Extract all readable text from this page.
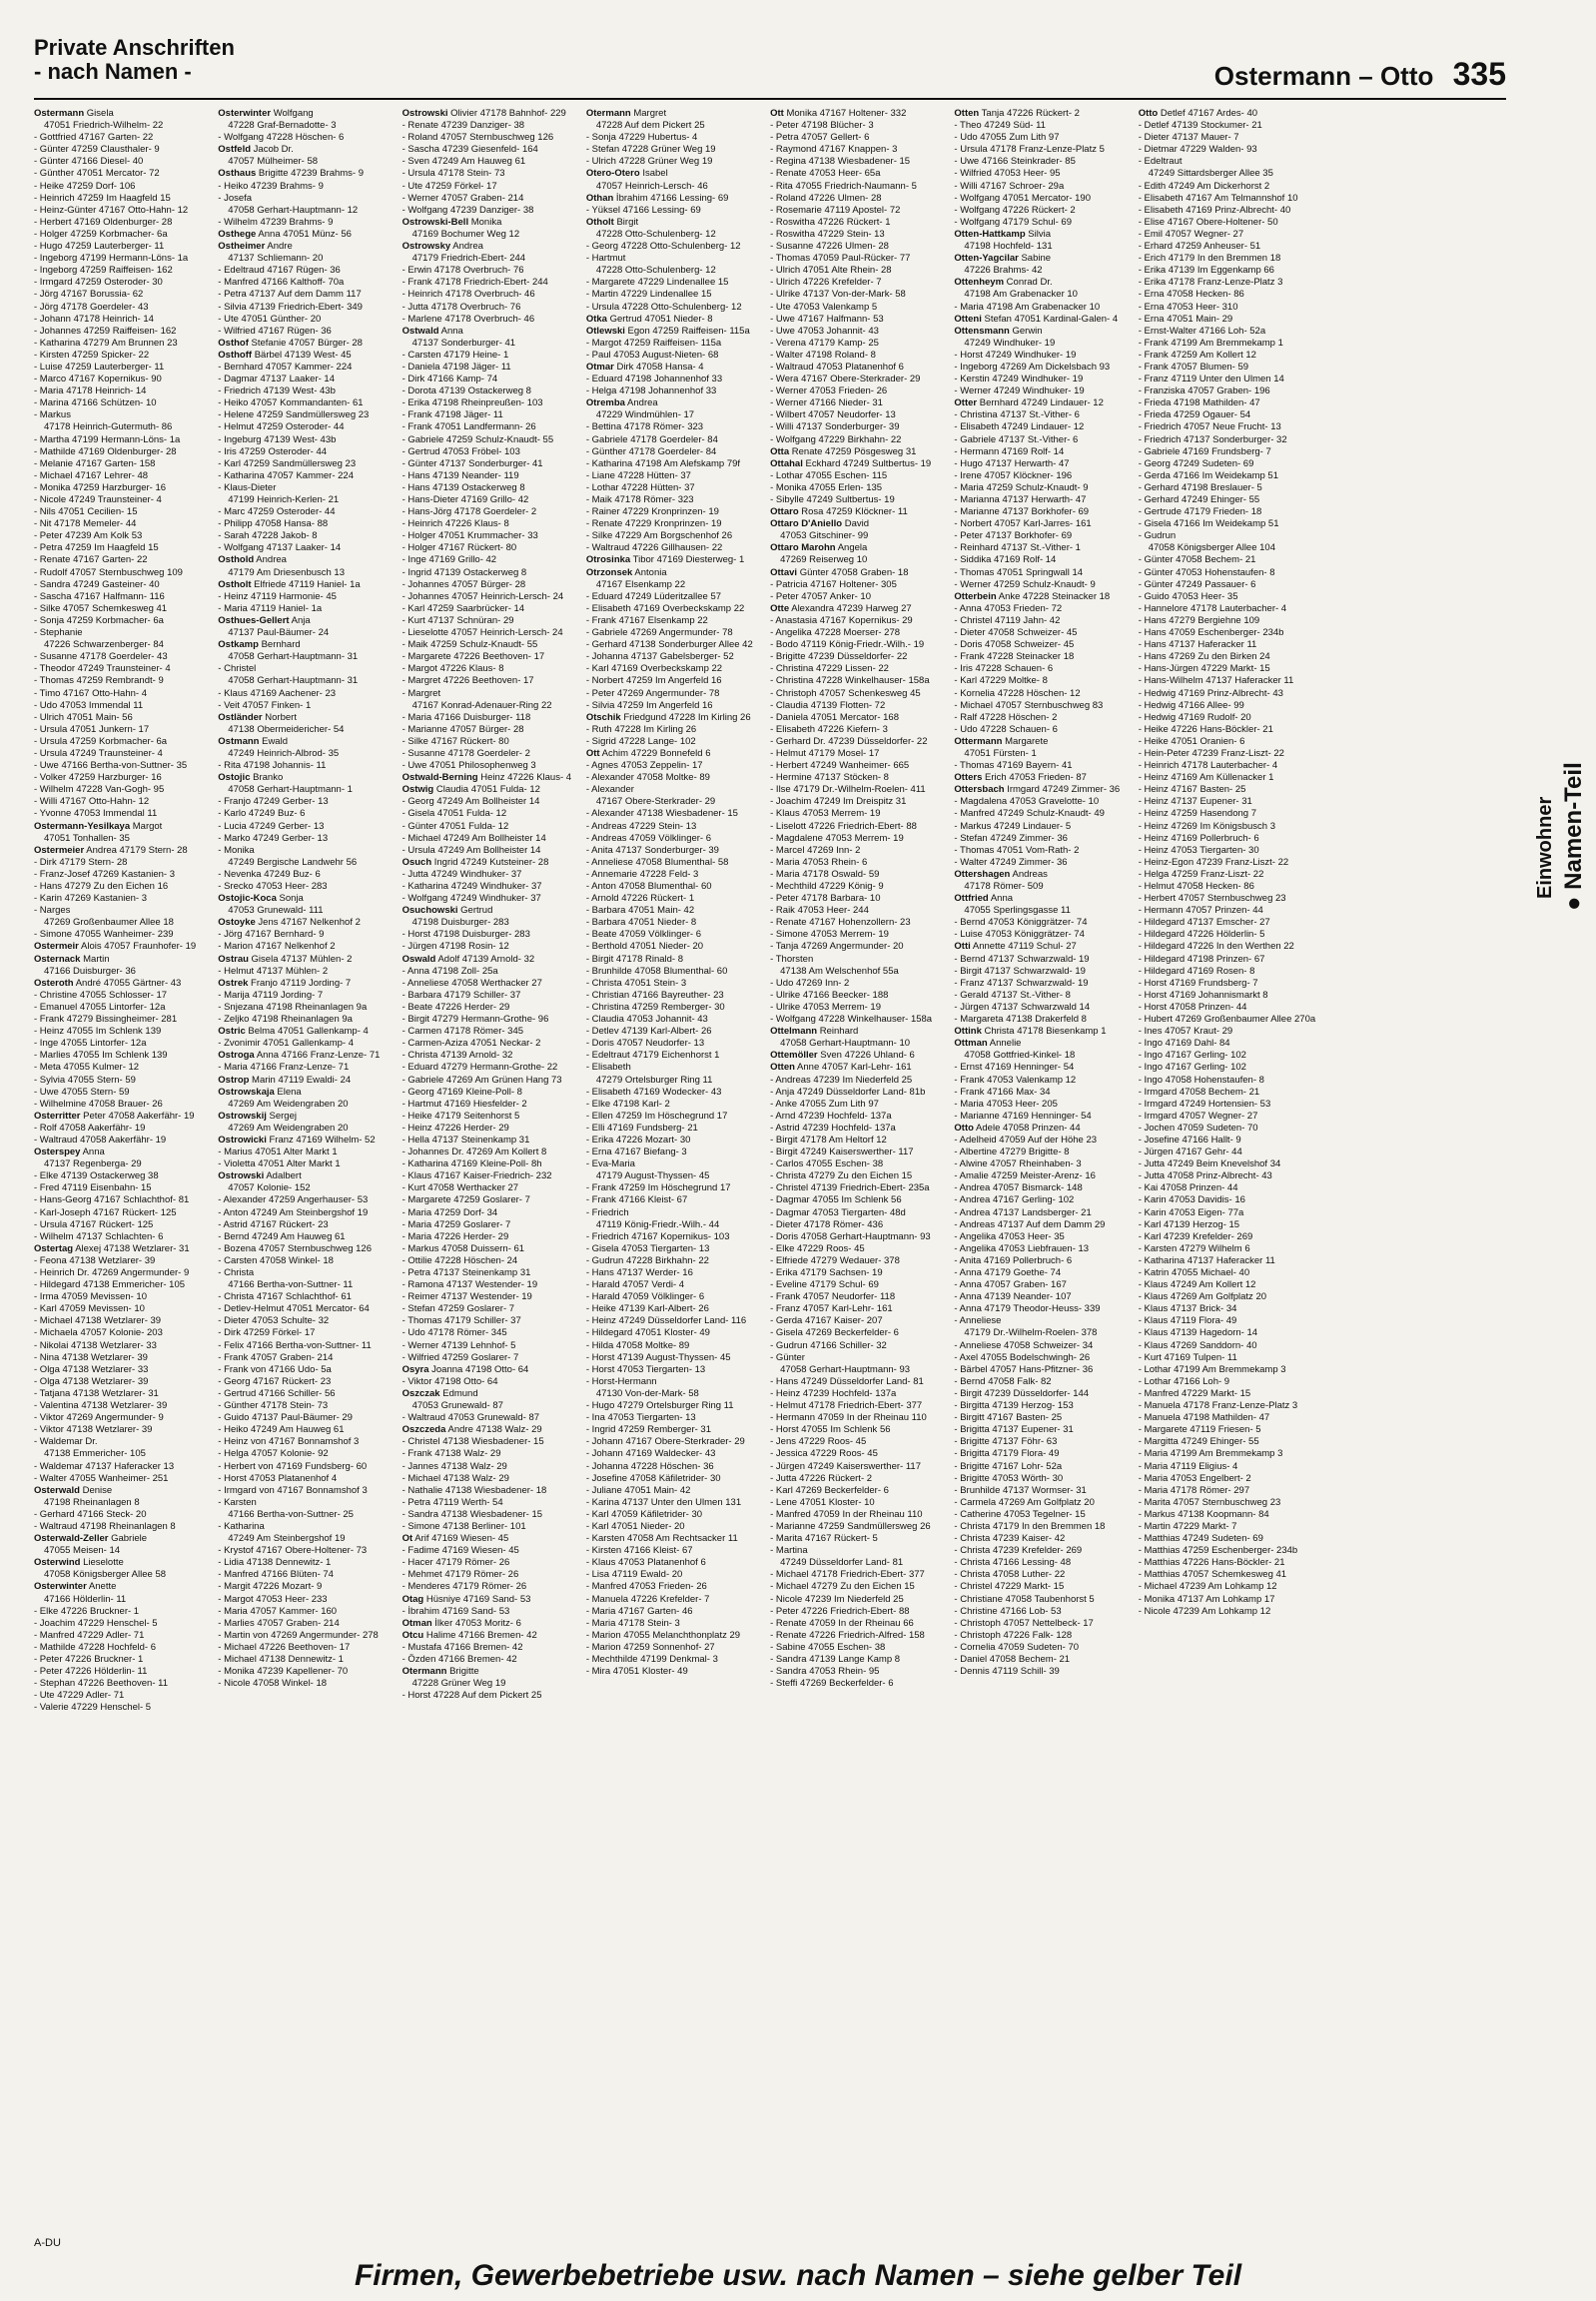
Private Anschriften
- nach Namen -	Ostermann – Otto 335
Ostermann Gisela
47051 Friedrich-Wilhelm- 22
- Gottfried 47167 Garten- 22
- Günter 47259 Clausthaler- 9
- Günter 47166 Diesel- 40
- Günther 47051 Mercator- 72
- Heike 47259 Dorf- 106
- Heinrich 47259 Im Haagfeld 15
- Heinz-Günter 47167 Otto-Hahn- 12
- Herbert 47169 Oldenburger- 28
- Holger 47259 Korbmacher- 6a
- Hugo 47259 Lauterberger- 11
- Ingeborg 47199 Hermann-Löns- 1a
- Ingeborg 47259 Raiffeisen- 162
- Irmgard 47259 Osteroder- 30
- Jörg 47167 Borussia- 62
- Jörg 47178 Goerdeler- 43
- Johann 47178 Heinrich- 14
- Johannes 47259 Raiffeisen- 162
- Katharina 47279 Am Brunnen 23
- Kirsten 47259 Spicker- 22
- Luise 47259 Lauterberger- 11
- Marco 47167 Kopernikus- 90
- Maria 47178 Heinrich- 14
- Marina 47166 Schützen- 10
- Markus
47178 Heinrich-Gutermuth- 86
- Martha 47199 Hermann-Löns- 1a
- Mathilde 47169 Oldenburger- 28
- Melanie 47167 Garten- 158
- Michael 47167 Lehrer- 48
- Monika 47259 Harzburger- 16
- Nicole 47249 Traunsteiner- 4
- Nils 47051 Cecilien- 15
- Nit 47178 Memeler- 44
- Peter 47239 Am Kolk 53
- Petra 47259 Im Haagfeld 15
- Renate 47167 Garten- 22
- Rudolf 47057 Sternbuschweg 109
- Sandra 47249 Gasteiner- 40
- Sascha 47167 Halfmann- 116
- Silke 47057 Schemkesweg 41
- Sonja 47259 Korbmacher- 6a
- Stephanie
47226 Schwarzenberger- 84
- Susanne 47178 Goerdeler- 43
- Theodor 47249 Traunsteiner- 4
- Thomas 47259 Rembrandt- 9
- Timo 47167 Otto-Hahn- 4
- Udo 47053 Immendal 11
- Ulrich 47051 Main- 56
- Ursula 47051 Junkern- 17
- Ursula 47259 Korbmacher- 6a
- Ursula 47249 Traunsteiner- 4
- Uwe 47166 Bertha-von-Suttner- 35
- Volker 47259 Harzburger- 16
- Wilhelm 47228 Van-Gogh- 95
- Willi 47167 Otto-Hahn- 12
- Yvonne 47053 Immendal 11
Ostermann-Yesilkaya Margot
47051 Tonhallen- 35
Ostermeier Andrea 47179 Stern- 28
- Dirk 47179 Stern- 28
- Franz-Josef 47269 Kastanien- 3
- Hans 47279 Zu den Eichen 16
- Karin 47269 Kastanien- 3
- Narges
47269 Großenbaumer Allee 18
- Simone 47055 Wanheimer- 239
Ostermeir Alois 47057 Fraunhofer- 19
Osternack Martin
47166 Duisburger- 36
Osteroth André 47055 Gärtner- 43
- Christine 47055 Schlosser- 17
- Emanuel 47055 Lintorfer- 12a
- Frank 47279 Bissingheimer- 281
- Heinz 47055 Im Schlenk 139
- Inge 47055 Lintorfer- 12a
- Marlies 47055 Im Schlenk 139
- Meta 47055 Kulmer- 12
- Sylvia 47055 Stern- 59
- Uwe 47055 Stern- 59
- Wilhelmine 47058 Brauer- 26
Osterritter Peter 47058 Aakerfähr- 19
- Rolf 47058 Aakerfähr- 19
- Waltraud 47058 Aakerfähr- 19
Osterspey Anna
47137 Regenberga- 29
- Elke 47139 Ostackerweg 38
- Fred 47119 Eisenbahn- 15
- Hans-Georg 47167 Schlachthof- 81
- Karl-Joseph 47167 Rückert- 125
- Ursula 47167 Rückert- 125
- Wilhelm 47137 Schlachten- 6
Ostertag Alexej 47138 Wetzlarer- 31
- Feona 47138 Wetzlarer- 39
- Heinrich Dr. 47269 Angermunder- 9
- Hildegard 47138 Emmericher- 105
- Irma 47059 Mevissen- 10
- Karl 47059 Mevissen- 10
- Michael 47138 Wetzlarer- 39
- Michaela 47057 Kolonie- 203
- Nikolai 47138 Wetzlarer- 33
- Nina 47138 Wetzlarer- 39
- Olga 47138 Wetzlarer- 33
- Olga 47138 Wetzlarer- 39
- Tatjana 47138 Wetzlarer- 31
- Valentina 47138 Wetzlarer- 39
- Viktor 47269 Angermunder- 9
- Viktor 47138 Wetzlarer- 39
- Waldemar Dr.
47138 Emmericher- 105
- Waldemar 47137 Haferacker 13
- Walter 47055 Wanheimer- 251
Osterwald Denise
47198 Rheinanlagen 8
- Gerhard 47166 Steck- 20
- Waltraud 47198 Rheinanlagen 8
Osterwald-Zeller Gabriele
47055 Meisen- 14
Osterwind Lieselotte
47058 Königsberger Allee 58
Osterwinter Anette
47166 Hölderlin- 11
- Elke 47226 Bruckner- 1
- Joachim 47229 Henschel- 5
- Manfred 47229 Adler- 71
- Mathilde 47228 Hochfeld- 6
- Peter 47226 Bruckner- 1
- Peter 47226 Hölderlin- 11
- Stephan 47226 Beethoven- 11
- Ute 47229 Adler- 71
- Valerie 47229 Henschel- 5
Osterwinter Wolfgang
47228 Graf-Bernadotte- 3
- Wolfgang 47228 Höschen- 6
Ostfeld Jacob Dr.
47057 Mülheimer- 58
Osthaus Brigitte 47239 Brahms- 9
- Heiko 47239 Brahms- 9
- Josefa
47058 Gerhart-Hauptmann- 12
- Wilhelm 47239 Brahms- 9
Osthege Anna 47051 Münz- 56
Ostheimer Andre
47137 Schliemann- 20
- Edeltraud 47167 Rügen- 36
- Manfred 47166 Kalthoff- 70a
- Petra 47137 Auf dem Damm 117
- Silvia 47139 Friedrich-Ebert- 349
- Ute 47051 Günther- 20
- Wilfried 47167 Rügen- 36
Osthof Stefanie 47057 Bürger- 28
Osthoff Bärbel 47139 West- 45
- Bernhard 47057 Kammer- 224
- Dagmar 47137 Laaker- 14
- Friedrich 47139 West- 43b
- Heiko 47057 Kommandanten- 61
- Helene 47259 Sandmüllersweg 23
- Helmut 47259 Osteroder- 44
- Ingeburg 47139 West- 43b
- Iris 47259 Osteroder- 44
- Karl 47259 Sandmüllersweg 23
- Katharina 47057 Kammer- 224
- Klaus-Dieter
47199 Heinrich-Kerlen- 21
- Marc 47259 Osteroder- 44
- Philipp 47058 Hansa- 88
- Sarah 47228 Jakob- 8
- Wolfgang 47137 Laaker- 14
Osthold Andrea
47179 Am Driesenbusch 13
Ostholt Elfriede 47119 Haniel- 1a
- Heinz 47119 Harmonie- 45
- Maria 47119 Haniel- 1a
Osthues-Gellert Anja
47137 Paul-Bäumer- 24
Ostkamp Bernhard
47058 Gerhart-Hauptmann- 31
- Christel
47058 Gerhart-Hauptmann- 31
- Klaus 47169 Aachener- 23
- Veit 47057 Finken- 1
Ostländer Norbert
47138 Obermeidericher- 54
Ostmann Ewald
47249 Heinrich-Albrod- 35
- Rita 47198 Johannis- 11
Ostojic Branko
47058 Gerhart-Hauptmann- 1
- Franjo 47249 Gerber- 13
- Karlo 47249 Buz- 6
- Lucia 47249 Gerber- 13
- Marko 47249 Gerber- 13
- Monika
47249 Bergische Landwehr 56
- Nevenka 47249 Buz- 6
- Srecko 47053 Heer- 283
Ostojic-Koca Sonja
47053 Grunewald- 111
Ostoyke Jens 47167 Nelkenhof 2
- Jörg 47167 Bernhard- 9
- Marion 47167 Nelkenhof 2
Ostrau Gisela 47137 Mühlen- 2
- Helmut 47137 Mühlen- 2
Ostrek Franjo 47119 Jording- 7
- Marija 47119 Jording- 7
- Snjezana 47198 Rheinanlagen 9a
- Zeljko 47198 Rheinanlagen 9a
Ostric Belma 47051 Gallenkamp- 4
- Zvonimir 47051 Gallenkamp- 4
Ostroga Anna 47166 Franz-Lenze- 71
- Maria 47166 Franz-Lenze- 71
Ostrop Marin 47119 Ewaldi- 24
Ostrowskaja Elena
47269 Am Weidengraben 20
Ostrowskij Sergej
47269 Am Weidengraben 20
Ostrowicki Franz 47169 Wilhelm- 52
- Marius 47051 Alter Markt 1
- Violetta 47051 Alter Markt 1
Ostrowski Adalbert
47057 Kolonie- 152
- Alexander 47259 Angerhauser- 53
- Anton 47249 Am Steinbergshof 19
- Astrid 47167 Rückert- 23
- Bernd 47249 Am Hauweg 61
- Bozena 47057 Sternbuschweg 126
- Carsten 47058 Winkel- 18
- Christa
47166 Bertha-von-Suttner- 11
- Christa 47167 Schlachthof- 61
- Detlev-Helmut 47051 Mercator- 64
- Dieter 47053 Schulte- 32
- Dirk 47259 Förkel- 17
- Felix 47166 Bertha-von-Suttner- 11
- Frank 47057 Graben- 214
- Frank von 47166 Udo- 5a
- Georg 47167 Rückert- 23
- Gertrud 47166 Schiller- 56
- Günther 47178 Stein- 73
- Guido 47137 Paul-Bäumer- 29
- Heiko 47249 Am Hauweg 61
- Heinz von 47167 Bonnamshof 3
- Helga 47057 Kolonie- 92
- Herbert von 47169 Fundsberg- 60
- Horst 47053 Platanenhof 4
- Irmgard von 47167 Bonnamshof 3
- Karsten
47166 Bertha-von-Suttner- 25
- Katharina
47249 Am Steinbergshof 19
- Krystof 47167 Obere-Holtener- 73
- Lidia 47138 Dennewitz- 1
- Manfred 47166 Blüten- 74
- Margit 47226 Mozart- 9
- Margot 47053 Heer- 233
- Maria 47057 Kammer- 160
- Marlies 47057 Graben- 214
- Martin von 47269 Angermunder- 278
- Michael 47226 Beethoven- 17
- Michael 47138 Dennewitz- 1
- Monika 47239 Kapellener- 70
- Nicole 47058 Winkel- 18
Ostrowski Olivier 47178 Bahnhof- 229
- Renate 47239 Danziger- 38
- Roland 47057 Sternbuschweg 126
- Sascha 47239 Giesenfeld- 164
- Sven 47249 Am Hauweg 61
- Ursula 47178 Stein- 73
- Ute 47259 Förkel- 17
- Werner 47057 Graben- 214
- Wolfgang 47239 Danziger- 38
Ostrowski-Bell Monika
47169 Bochumer Weg 12
Ostrowsky Andrea
47179 Friedrich-Ebert- 244
- Erwin 47178 Overbruch- 76
- Frank 47178 Friedrich-Ebert- 244
- Heinrich 47178 Overbruch- 46
- Jutta 47178 Overbruch- 76
- Marlene 47178 Overbruch- 46
Ostwald Anna
47137 Sonderburger- 41
- Carsten 47179 Heine- 1
- Daniela 47198 Jäger- 11
- Dirk 47166 Kamp- 74
- Dorota 47139 Ostackerweg 8
- Erika 47198 Rheinpreußen- 103
- Frank 47198 Jäger- 11
- Frank 47051 Landfermann- 26
- Gabriele 47259 Schulz-Knaudt- 55
- Gertrud 47053 Fröbel- 103
- Günter 47137 Sonderburger- 41
- Hans 47139 Neander- 119
- Hans 47139 Ostackerweg 8
- Hans-Dieter 47169 Grillo- 42
- Hans-Jörg 47178 Goerdeler- 2
- Heinrich 47226 Klaus- 8
- Holger 47051 Krummacher- 33
- Holger 47167 Rückert- 80
- Inge 47169 Grillo- 42
- Ingrid 47139 Ostackerweg 8
- Johannes 47057 Bürger- 28
- Johannes 47057 Heinrich-Lersch- 24
- Karl 47259 Saarbrücker- 14
- Kurt 47137 Schnüran- 29
- Lieselotte 47057 Heinrich-Lersch- 24
- Maik 47259 Schulz-Knaudt- 55
- Margarete 47226 Beethoven- 17
- Margot 47226 Klaus- 8
- Margret 47226 Beethoven- 17
- Margret
47167 Konrad-Adenauer-Ring 22
- Maria 47166 Duisburger- 118
- Marianne 47057 Bürger- 28
- Silke 47167 Rückert- 80
- Susanne 47178 Goerdeler- 2
- Uwe 47051 Philosophenweg 3
Ostwald-Berning Heinz 47226 Klaus- 4
Ostwig Claudia 47051 Fulda- 12
- Georg 47249 Am Bollheister 14
- Gisela 47051 Fulda- 12
- Günter 47051 Fulda- 12
- Michael 47249 Am Bollheister 14
- Ursula 47249 Am Bollheister 14
Osuch Ingrid 47249 Kutsteiner- 28
- Jutta 47249 Windhuker- 37
- Katharina 47249 Windhuker- 37
- Wolfgang 47249 Windhuker- 37
Osuchowski Gertrud
47198 Duisburger- 283
- Horst 47198 Duisburger- 283
- Jürgen 47198 Rosin- 12
Oswald Adolf 47139 Arnold- 32
- Anna 47198 Zoll- 25a
- Anneliese 47058 Werthacker 27
- Barbara 47179 Schiller- 37
- Beate 47226 Herder- 29
- Birgit 47279 Hermann-Grothe- 96
- Carmen 47178 Römer- 345
- Carmen-Aziza 47051 Neckar- 2
- Christa 47139 Arnold- 32
- Eduard 47279 Hermann-Grothe- 22
- Gabriele 47269 Am Grünen Hang 73
- Georg 47169 Kleine-Poll- 8
- Hartmut 47169 Hiesfelder- 2
- Heike 47179 Seitenhorst 5
- Heinz 47226 Herder- 29
- Hella 47137 Steinenkamp 31
- Johannes Dr. 47269 Am Kollert 8
- Katharina 47169 Kleine-Poll- 8h
- Klaus 47167 Kaiser-Friedrich- 232
- Kurt 47058 Werthacker 27
- Margarete 47259 Goslarer- 7
- Maria 47259 Dorf- 34
- Maria 47259 Goslarer- 7
- Maria 47226 Herder- 29
- Markus 47058 Duissern- 61
- Ottilie 47228 Höschen- 24
- Petra 47137 Steinenkamp 31
- Ramona 47137 Westender- 19
- Reimer 47137 Westender- 19
- Stefan 47259 Goslarer- 7
- Thomas 47179 Schiller- 37
- Udo 47178 Römer- 345
- Werner 47139 Lehnhof- 5
- Wilfried 47259 Goslarer- 7
Osyra Joanna 47198 Otto- 64
- Viktor 47198 Otto- 64
Oszczak Edmund
47053 Grunewald- 87
- Waltraud 47053 Grunewald- 87
Oszczeda Andre 47138 Walz- 29
- Christel 47138 Wiesbadener- 15
- Frank 47138 Walz- 29
- Jannes 47138 Walz- 29
- Michael 47138 Walz- 29
- Nathalie 47138 Wiesbadener- 18
- Petra 47119 Werth- 54
- Sandra 47138 Wiesbadener- 15
- Simone 47138 Berliner- 101
Ot Arif 47169 Wiesen- 45
- Fadime 47169 Wiesen- 45
- Hacer 47179 Römer- 26
- Mehmet 47179 Römer- 26
- Menderes 47179 Römer- 26
Otag Hüsniye 47169 Sand- 53
- İbrahim 47169 Sand- 53
Otman İlker 47053 Moritz- 6
Otcu Halime 47166 Bremen- 42
- Mustafa 47166 Bremen- 42
- Özden 47166 Bremen- 42
Otermann Brigitte
47228 Grüner Weg 19
- Horst 47228 Auf dem Pickert 25
Otermann Margret
47228 Auf dem Pickert 25
- Sonja 47229 Hubertus- 4
- Stefan 47228 Grüner Weg 19
- Ulrich 47228 Grüner Weg 19
Otero-Otero Isabel
47057 Heinrich-Lersch- 46
Othan İbrahim 47166 Lessing- 69
- Yüksel 47166 Lessing- 69
Otholt Birgit
47228 Otto-Schulenberg- 12
- Georg 47228 Otto-Schulenberg- 12
- Hartmut
47228 Otto-Schulenberg- 12
- Margarete 47229 Lindenallee 15
- Martin 47229 Lindenallee 15
- Ursula 47228 Otto-Schulenberg- 12
Otka Gertrud 47051 Nieder- 8
Otlewski Egon 47259 Raiffeisen- 115a
- Margot 47259 Raiffeisen- 115a
- Paul 47053 August-Nieten- 68
Otmar Dirk 47058 Hansa- 4
- Eduard 47198 Johannenhof 33
- Helga 47198 Johannenhof 33
Otremba Andrea
47229 Windmühlen- 17
- Bettina 47178 Römer- 323
- Gabriele 47178 Goerdeler- 84
- Günther 47178 Goerdeler- 84
- Katharina 47198 Am Alefskamp 79f
- Liane 47228 Hütten- 37
- Lothar 47228 Hütten- 37
- Maik 47178 Römer- 323
- Rainer 47229 Kronprinzen- 19
- Renate 47229 Kronprinzen- 19
- Silke 47229 Am Borgschenhof 26
- Waltraud 47226 Gillhausen- 22
Otrosinka Tibor 47169 Diesterweg- 1
Otrzonsek Antonia
47167 Elsenkamp 22
- Eduard 47249 Lüderitzallee 57
- Elisabeth 47169 Overbeckskamp 22
- Frank 47167 Elsenkamp 22
- Gabriele 47269 Angermunder- 78
- Gerhard 47138 Sonderburger Allee 42
- Johanna 47137 Gabelsberger- 52
- Karl 47169 Overbeckskamp 22
- Norbert 47259 Im Angerfeld 16
- Peter 47269 Angermunder- 78
- Silvia 47259 Im Angerfeld 16
Otschik Friedgund 47228 Im Kirling 26
- Ruth 47228 Im Kirling 26
- Sigrid 47228 Lange- 102
Ott Achim 47229 Bonnefeld 6
- Agnes 47053 Zeppelin- 17
- Alexander 47058 Moltke- 89
- Alexander
47167 Obere-Sterkrader- 29
- Alexander 47138 Wiesbadener- 15
- Andreas 47229 Stein- 13
- Andreas 47059 Völklinger- 6
- Anita 47137 Sonderburger- 39
- Anneliese 47058 Blumenthal- 58
- Annemarie 47228 Feld- 3
- Anton 47058 Blumenthal- 60
- Arnold 47226 Rückert- 1
- Barbara 47051 Main- 42
- Barbara 47051 Nieder- 8
- Beate 47059 Völklinger- 6
- Berthold 47051 Nieder- 20
- Birgit 47178 Rinald- 8
- Brunhilde 47058 Blumenthal- 60
- Christa 47051 Stein- 3
- Christian 47166 Bayreuther- 23
- Christina 47259 Remberger- 30
- Claudia 47053 Johannit- 43
- Detlev 47139 Karl-Albert- 26
- Doris 47057 Neudorfer- 13
- Edeltraut 47179 Eichenhorst 1
- Elisabeth
47279 Ortelsburger Ring 11
- Elisabeth 47169 Wodecker- 43
- Elke 47198 Karl- 2
- Ellen 47259 Im Höschegrund 17
- Elli 47169 Fundsberg- 21
- Erika 47226 Mozart- 30
- Erna 47167 Biefang- 3
- Eva-Maria
47179 August-Thyssen- 45
- Frank 47259 Im Höschegrund 17
- Frank 47166 Kleist- 67
- Friedrich
47119 König-Friedr.-Wilh.- 44
- Friedrich 47167 Kopernikus- 103
- Gisela 47053 Tiergarten- 13
- Gudrun 47228 Birkhahn- 22
- Hans 47137 Werder- 16
- Harald 47057 Verdi- 4
- Harald 47059 Völklinger- 6
- Heike 47139 Karl-Albert- 26
- Heinz 47249 Düsseldorfer Land- 116
- Hildegard 47051 Kloster- 49
- Hilda 47058 Moltke- 89
- Horst 47139 August-Thyssen- 45
- Horst 47053 Tiergarten- 13
- Horst-Hermann
47130 Von-der-Mark- 58
- Hugo 47279 Ortelsburger Ring 11
- Ina 47053 Tiergarten- 13
- Ingrid 47259 Remberger- 31
- Johann 47167 Obere-Sterkrader- 29
- Johann 47169 Waldecker- 43
- Johanna 47228 Höschen- 36
- Josefine 47058 Käfiletrider- 30
- Juliane 47051 Main- 42
- Karina 47137 Unter den Ulmen 131
- Karl 47059 Käfiletrider- 30
- Karl 47051 Nieder- 20
- Karsten 47058 Am Rechtsacker 11
- Kirsten 47166 Kleist- 67
- Klaus 47053 Platanenhof 6
- Lisa 47119 Ewald- 20
- Manfred 47053 Frieden- 26
- Manuela 47226 Krefelder- 7
- Maria 47167 Garten- 46
- Maria 47178 Stein- 3
- Marion 47055 Melanchthonplatz 29
- Marion 47259 Sonnenhof- 27
- Mechthilde 47199 Denkmal- 3
- Mira 47051 Kloster- 49
Ott Monika 47167 Holtener- 332
- Peter 47198 Blücher- 3
- Petra 47057 Gellert- 6
- Raymond 47167 Knappen- 3
- Regina 47138 Wiesbadener- 15
- Renate 47053 Heer- 65a
- Rita 47055 Friedrich-Naumann- 5
- Roland 47226 Ulmen- 28
- Rosemarie 47119 Apostel- 72
- Roswitha 47226 Rückert- 1
- Roswitha 47229 Stein- 13
- Susanne 47226 Ulmen- 28
- Thomas 47059 Paul-Rücker- 77
- Ulrich 47051 Alte Rhein- 28
- Ulrich 47226 Krefelder- 7
- Ulrike 47137 Von-der-Mark- 58
- Ute 47053 Valenkamp 5
- Uwe 47167 Halfmann- 53
- Uwe 47053 Johannit- 43
- Verena 47179 Kamp- 25
- Walter 47198 Roland- 8
- Waltraud 47053 Platanenhof 6
- Wera 47167 Obere-Sterkrader- 29
- Werner 47053 Frieden- 26
- Werner 47166 Nieder- 31
- Wilbert 47057 Neudorfer- 13
- Willi 47137 Sonderburger- 39
- Wolfgang 47229 Birkhahn- 22
Otta Renate 47259 Pösgesweg 31
Ottahal Eckhard 47249 Sultbertus- 19
- Lothar 47055 Eschen- 115
- Monika 47055 Erlen- 135
- Sibylle 47249 Sultbertus- 19
Ottaro Rosa 47259 Klöckner- 11
Ottaro D'Aniello David
47053 Gitschiner- 99
Ottaro Marohn Angela
47269 Reiserweg 10
Ottavi Günter 47058 Graben- 18
- Patricia 47167 Holtener- 305
- Peter 47057 Anker- 10
Otte Alexandra 47239 Harweg 27
- Anastasia 47167 Kopernikus- 29
- Angelika 47228 Moerser- 278
- Bodo 47119 König-Friedr.-Wilh.- 19
- Brigitte 47239 Düsseldorfer- 22
- Christina 47229 Lissen- 22
- Christina 47228 Winkelhauser- 158a
- Christoph 47057 Schenkesweg 45
- Claudia 47139 Flotten- 72
- Daniela 47051 Mercator- 168
- Elisabeth 47226 Kiefern- 3
- Gerhard Dr. 47239 Düsseldorfer- 22
- Helmut 47179 Mosel- 17
- Herbert 47249 Wanheimer- 665
- Hermine 47137 Stöcken- 8
- Ilse 47179 Dr.-Wilhelm-Roelen- 411
- Joachim 47249 Im Dreispitz 31
- Klaus 47053 Merrem- 19
- Liselott 47226 Friedrich-Ebert- 88
- Magdalene 47053 Merrem- 19
- Marcel 47269 Inn- 2
- Maria 47053 Rhein- 6
- Maria 47178 Oswald- 59
- Mechthild 47229 König- 9
- Peter 47178 Barbara- 10
- Raik 47053 Heer- 244
- Renate 47167 Hohenzollern- 23
- Simone 47053 Merrem- 19
- Tanja 47269 Angermunder- 20
- Thorsten
47138 Am Welschenhof 55a
- Udo 47269 Inn- 2
- Ulrike 47166 Beecker- 188
- Ulrike 47053 Merrem- 19
- Wolfgang 47228 Winkelhauser- 158a
Ottelmann Reinhard
47058 Gerhart-Hauptmann- 10
Ottemöller Sven 47226 Uhland- 6
Otten Anne 47057 Karl-Lehr- 161
- Andreas 47239 Im Niederfeld 25
- Anja 47249 Düsseldorfer Land- 81b
- Anke 47055 Zum Lith 97
- Arnd 47239 Hochfeld- 137a
- Astrid 47239 Hochfeld- 137a
- Birgit 47178 Am Heltorf 12
- Birgit 47249 Kaiserswerther- 117
- Carlos 47055 Eschen- 38
- Christa 47279 Zu den Eichen 15
- Christel 47139 Friedrich-Ebert- 235a
- Dagmar 47055 Im Schlenk 56
- Dagmar 47053 Tiergarten- 48d
- Dieter 47178 Römer- 436
- Doris 47058 Gerhart-Hauptmann- 93
- Elke 47229 Roos- 45
- Elfriede 47279 Wedauer- 378
- Erika 47179 Sachsen- 19
- Eveline 47179 Schul- 69
- Frank 47057 Neudorfer- 118
- Franz 47057 Karl-Lehr- 161
- Gerda 47167 Kaiser- 207
- Gisela 47269 Beckerfelder- 6
- Gudrun 47166 Schiller- 32
- Günter
47058 Gerhart-Hauptmann- 93
- Hans 47249 Düsseldorfer Land- 81
- Heinz 47239 Hochfeld- 137a
- Helmut 47178 Friedrich-Ebert- 377
- Hermann 47059 In der Rheinau 110
- Horst 47055 Im Schlenk 56
- Jens 47229 Roos- 45
- Jessica 47229 Roos- 45
- Jürgen 47249 Kaiserswerther- 117
- Jutta 47226 Rückert- 2
- Karl 47269 Beckerfelder- 6
- Lene 47051 Kloster- 10
- Manfred 47059 In der Rheinau 110
- Marianne 47259 Sandmüllersweg 26
- Marita 47167 Rückert- 5
- Martina
47249 Düsseldorfer Land- 81
- Michael 47178 Friedrich-Ebert- 377
- Michael 47279 Zu den Eichen 15
- Nicole 47239 Im Niederfeld 25
- Peter 47226 Friedrich-Ebert- 88
- Renate 47059 In der Rheinau 66
- Renate 47226 Friedrich-Alfred- 158
- Sabine 47055 Eschen- 38
- Sandra 47139 Lange Kamp 8
- Sandra 47053 Rhein- 95
- Steffi 47269 Beckerfelder- 6
Otten Tanja 47226 Rückert- 2
- Theo 47249 Süd- 11
- Udo 47055 Zum Lith 97
- Ursula 47178 Franz-Lenze-Platz 5
- Uwe 47166 Steinkrader- 85
- Wilfried 47053 Heer- 95
- Willi 47167 Schroer- 29a
- Wolfgang 47051 Mercator- 190
- Wolfgang 47226 Rückert- 2
- Wolfgang 47179 Schul- 69
Otten-Hattkamp Silvia
47198 Hochfeld- 131
Otten-Yagcilar Sabine
47226 Brahms- 42
Ottenheym Conrad Dr.
47198 Am Grabenacker 10
- Maria 47198 Am Grabenacker 10
Otteni Stefan 47051 Kardinal-Galen- 4
Ottensmann Gerwin
47249 Windhuker- 19
- Horst 47249 Windhuker- 19
- Ingeborg 47269 Am Dickelsbach 93
- Kerstin 47249 Windhuker- 19
- Werner 47249 Windhuker- 19
Otter Bernhard 47249 Lindauer- 12
- Christina 47137 St.-Vither- 6
- Elisabeth 47249 Lindauer- 12
- Gabriele 47137 St.-Vither- 6
- Hermann 47169 Rolf- 14
- Hugo 47137 Herwarth- 47
- Irene 47057 Klöckner- 196
- Maria 47259 Schulz-Knaudt- 9
- Marianna 47137 Herwarth- 47
- Marianne 47137 Borkhofer- 69
- Norbert 47057 Karl-Jarres- 161
- Peter 47137 Borkhofer- 69
- Reinhard 47137 St.-Vither- 1
- Siddika 47169 Rolf- 14
- Thomas 47051 Springwall 14
- Werner 47259 Schulz-Knaudt- 9
Otterbein Anke 47228 Steinacker 18
- Anna 47053 Frieden- 72
- Christel 47119 Jahn- 42
- Dieter 47058 Schweizer- 45
- Doris 47058 Schweizer- 45
- Frank 47228 Steinacker 18
- Iris 47228 Schauen- 6
- Karl 47229 Moltke- 8
- Kornelia 47228 Höschen- 12
- Michael 47057 Sternbuschweg 83
- Ralf 47228 Höschen- 2
- Udo 47228 Schauen- 6
Ottermann Margarete
47051 Fürsten- 1
- Thomas 47169 Bayern- 41
Otters Erich 47053 Frieden- 87
Ottersbach Irmgard 47249 Zimmer- 36
- Magdalena 47053 Gravelotte- 10
- Manfred 47249 Schulz-Knaudt- 49
- Markus 47249 Lindauer- 5
- Stefan 47249 Zimmer- 36
- Thomas 47051 Vom-Rath- 2
- Walter 47249 Zimmer- 36
Ottershagen Andreas
47178 Römer- 509
Ottfried Anna
47055 Sperlingsgasse 11
- Bernd 47053 Königgrätzer- 74
- Luise 47053 Königgrätzer- 74
Otti Annette 47119 Schul- 27
- Bernd 47137 Schwarzwald- 19
- Birgit 47137 Schwarzwald- 19
- Franz 47137 Schwarzwald- 19
- Gerald 47137 St.-Vither- 8
- Jürgen 47137 Schwarzwald 14
- Margareta 47138 Drakerfeld 8
Ottink Christa 47178 Biesenkamp 1
Ottman Annelie
47058 Gottfried-Kinkel- 18
- Ernst 47169 Henninger- 54
- Frank 47053 Valenkamp 12
- Frank 47166 Max- 34
- Maria 47053 Heer- 205
- Marianne 47169 Henninger- 54
Otto Adele 47058 Prinzen- 44
- Adelheid 47059 Auf der Höhe 23
- Albertine 47279 Brigitte- 8
- Alwine 47057 Rheinhaben- 3
- Amalie 47259 Meister-Arenz- 16
- Andrea 47057 Bismarck- 148
- Andrea 47167 Gerling- 102
- Andrea 47137 Landsberger- 21
- Andreas 47137 Auf dem Damm 29
- Angelika 47053 Heer- 35
- Angelika 47053 Liebfrauen- 13
- Anita 47169 Pollerbruch- 6
- Anna 47179 Goethe- 74
- Anna 47057 Graben- 167
- Anna 47139 Neander- 107
- Anna 47179 Theodor-Heuss- 339
- Anneliese
47179 Dr.-Wilhelm-Roelen- 378
- Anneliese 47058 Schweizer- 34
- Axel 47055 Bodelschwingh- 26
- Bärbel 47057 Hans-Pfitzner- 36
- Bernd 47058 Falk- 82
- Birgit 47239 Düsseldorfer- 144
- Birgitta 47139 Herzog- 153
- Birgitt 47167 Basten- 25
- Brigitta 47137 Eupener- 31
- Brigitte 47137 Föhr- 63
- Brigitta 47179 Flora- 49
- Brigitte 47167 Lohr- 52a
- Brigitte 47053 Wörth- 30
- Brunhilde 47137 Wormser- 31
- Carmela 47269 Am Golfplatz 20
- Catherine 47053 Tegelner- 15
- Christa 47179 In den Bremmen 18
- Christa 47239 Kaiser- 42
- Christa 47239 Krefelder- 269
- Christa 47166 Lessing- 48
- Christa 47058 Luther- 22
- Christel 47229 Markt- 15
- Christiane 47058 Taubenhorst 5
- Christine 47166 Lob- 53
- Christoph 47057 Nettelbeck- 17
- Christoph 47226 Falk- 128
- Cornelia 47059 Sudeten- 70
- Daniel 47058 Bechem- 21
- Dennis 47119 Schill- 39
Otto Detlef 47167 Ardes- 40
- Detlef 47139 Stockumer- 21
- Dieter 47137 Mauer- 7
- Dietmar 47229 Walden- 93
- Edeltraut
47249 Sittardsberger Allee 35
- Edith 47249 Am Dickerhorst 2
- Elisabeth 47167 Am Telmannshof 10
- Elisabeth 47169 Prinz-Albrecht- 40
- Elise 47167 Obere-Holtener- 50
- Emil 47057 Wegner- 27
- Erhard 47259 Anheuser- 51
- Erich 47179 In den Bremmen 18
- Erika 47139 Im Eggenkamp 66
- Erika 47178 Franz-Lenze-Platz 3
- Erna 47058 Hecken- 86
- Erna 47053 Heer- 310
- Erna 47051 Main- 29
- Ernst-Walter 47166 Loh- 52a
- Frank 47199 Am Bremmekamp 1
- Frank 47259 Am Kollert 12
- Frank 47057 Blumen- 59
- Franz 47119 Unter den Ulmen 14
- Franziska 47057 Graben- 196
- Frieda 47198 Mathilden- 47
- Frieda 47259 Ogauer- 54
- Friedrich 47057 Neue Frucht- 13
- Friedrich 47137 Sonderburger- 32
- Gabriele 47169 Frundsberg- 7
- Georg 47249 Sudeten- 69
- Gerda 47166 Im Weidekamp 51
- Gerhard 47198 Breslauer- 5
- Gerhard 47249 Ehinger- 55
- Gertrude 47179 Frieden- 18
- Gisela 47166 Im Weidekamp 51
- Gudrun
47058 Königsberger Allee 104
- Günter 47058 Bechem- 21
- Günter 47053 Hohenstaufen- 8
- Günter 47249 Passauer- 6
- Guido 47053 Heer- 35
- Hannelore 47178 Lauterbacher- 4
- Hans 47279 Bergiehne 109
- Hans 47059 Eschenberger- 234b
- Hans 47137 Haferacker 11
- Hans 47269 Zu den Birken 24
- Hans-Jürgen 47229 Markt- 15
- Hans-Wilhelm 47137 Haferacker 11
- Hedwig 47169 Prinz-Albrecht- 43
- Hedwig 47166 Allee- 99
- Hedwig 47169 Rudolf- 20
- Heike 47226 Hans-Böckler- 21
- Heike 47051 Oranien- 6
- Hein-Peter 47239 Franz-Liszt- 22
- Heinrich 47178 Lauterbacher- 4
- Heinz 47169 Am Küllenacker 1
- Heinz 47167 Basten- 25
- Heinz 47137 Eupener- 31
- Heinz 47259 Hasendong 7
- Heinz 47269 Im Königsbusch 3
- Heinz 47169 Pollerbruch- 6
- Heinz 47053 Tiergarten- 30
- Heinz-Egon 47239 Franz-Liszt- 22
- Helga 47259 Franz-Liszt- 22
- Helmut 47058 Hecken- 86
- Herbert 47057 Sternbuschweg 23
- Hermann 47057 Prinzen- 44
- Hildegard 47137 Emscher- 27
- Hildegard 47226 Hölderlin- 5
- Hildegard 47226 In den Werthen 22
- Hildegard 47198 Prinzen- 67
- Hildegard 47169 Rosen- 8
- Horst 47169 Frundsberg- 7
- Horst 47169 Johannismarkt 8
- Horst 47058 Prinzen- 44
- Hubert 47269 Großenbaumer Allee 270a
- Ines 47057 Kraut- 29
- Ingo 47169 Dahl- 84
- Ingo 47167 Gerling- 102
- Ingo 47167 Gerling- 102
- Ingo 47058 Hohenstaufen- 8
- Irmgard 47058 Bechem- 21
- Irmgard 47249 Hortensien- 53
- Irmgard 47057 Wegner- 27
- Jochen 47059 Sudeten- 70
- Josefine 47166 Hallt- 9
- Jürgen 47167 Gehr- 44
- Jutta 47249 Beim Knevelshof 34
- Jutta 47058 Prinz-Albrecht- 43
- Kai 47058 Prinzen- 44
- Karin 47053 Davidis- 16
- Karin 47053 Eigen- 77a
- Karl 47139 Herzog- 15
- Karl 47239 Krefelder- 269
- Karsten 47279 Wilhelm 6
- Katharina 47137 Haferacker 11
- Katrin 47055 Michael- 40
- Klaus 47249 Am Kollert 12
- Klaus 47269 Am Golfplatz 20
- Klaus 47137 Brick- 34
- Klaus 47119 Flora- 49
- Klaus 47139 Hagedorn- 14
- Klaus 47269 Sanddorn- 40
- Kurt 47169 Tulpen- 11
- Lothar 47199 Am Bremmekamp 3
- Lothar 47166 Loh- 9
- Manfred 47229 Markt- 15
- Manuela 47178 Franz-Lenze-Platz 3
- Manuela 47198 Mathilden- 47
- Margarete 47119 Friesen- 5
- Margitta 47249 Ehinger- 55
- Maria 47199 Am Bremmekamp 3
- Maria 47119 Eligius- 4
- Maria 47053 Engelbert- 2
- Maria 47178 Römer- 297
- Marita 47057 Sternbuschweg 23
- Markus 47138 Koopmann- 84
- Martin 47229 Markt- 7
- Matthias 47249 Sudeten- 69
- Matthias 47259 Eschenberger- 234b
- Matthias 47226 Hans-Böckler- 21
- Matthias 47057 Schemkesweg 41
- Michael 47239 Am Lohkamp 12
- Monika 47137 Am Lohkamp 17
- Nicole 47239 Am Lohkamp 12
Einwohner ● Namen-Teil
A-DU
Firmen, Gewerbebetriebe usw. nach Namen – siehe gelber Teil
